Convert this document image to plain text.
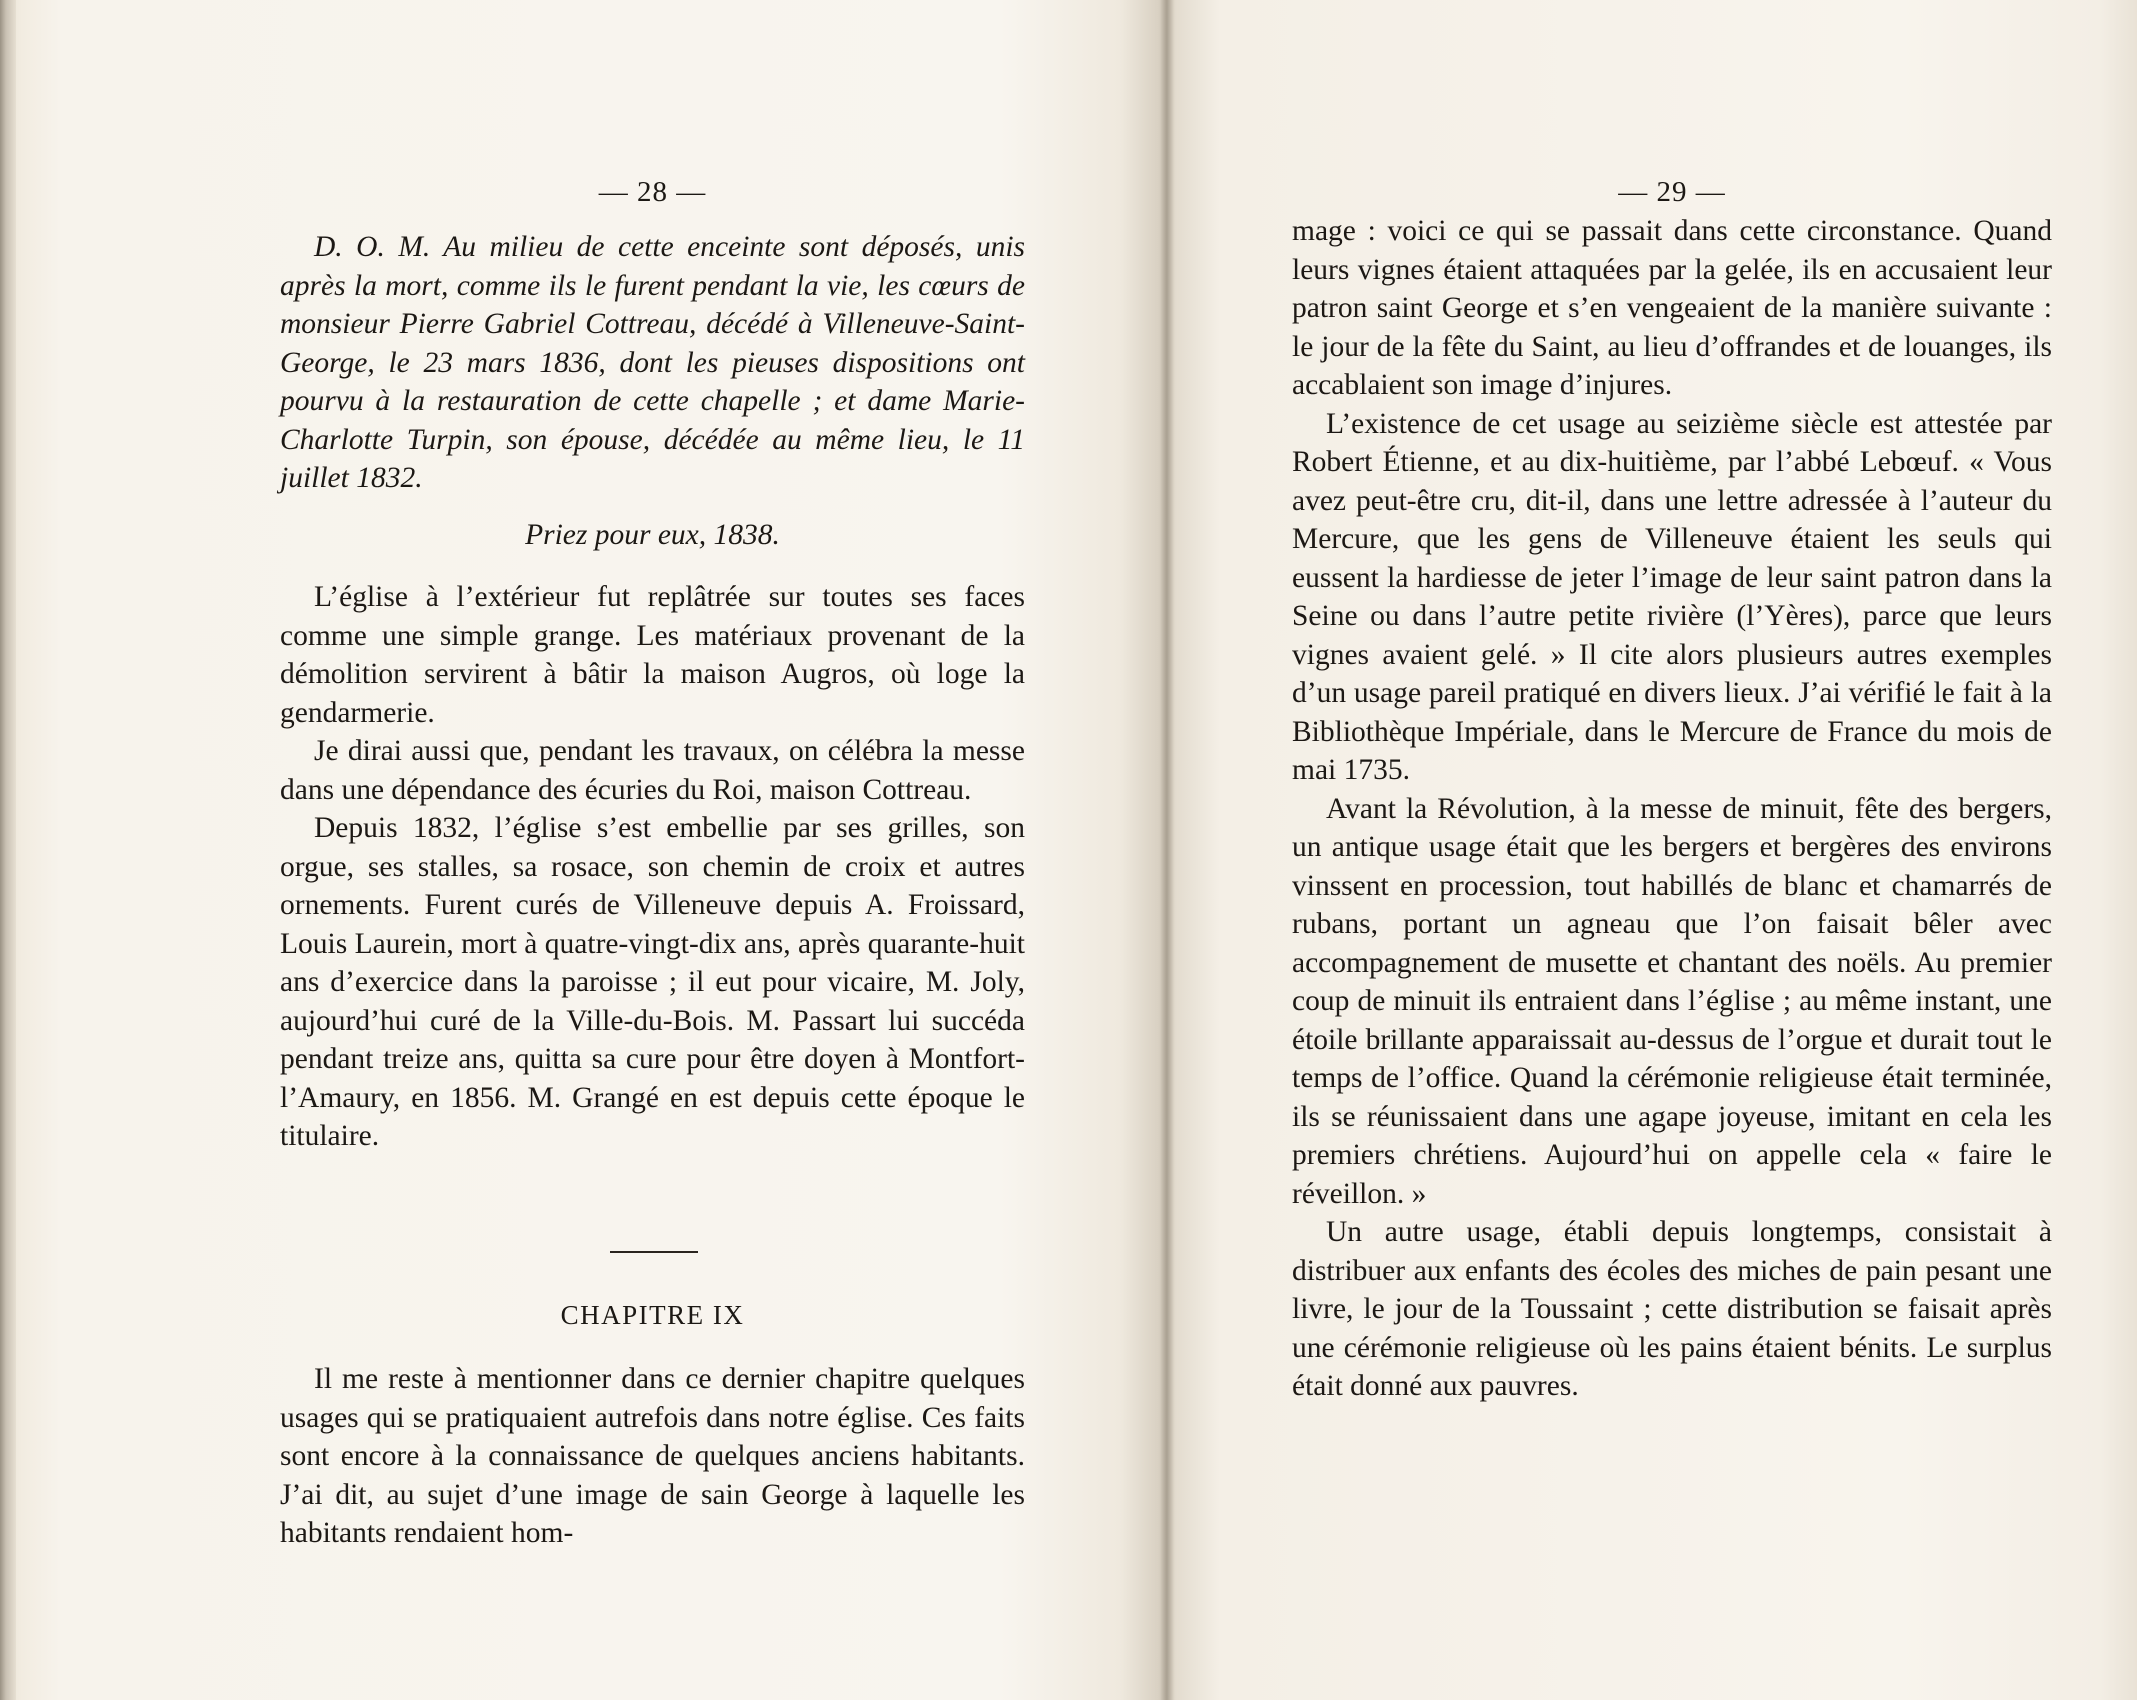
— 28 —

D. O. M. Au milieu de cette enceinte sont déposés, unis après la mort, comme ils le furent pendant la vie, les cœurs de monsieur Pierre Gabriel Cottreau, décédé à Villeneuve-Saint-George, le 23 mars 1836, dont les pieuses dispositions ont pourvu à la restauration de cette chapelle ; et dame Marie-Charlotte Turpin, son épouse, décédée au même lieu, le 11 juillet 1832.

Priez pour eux, 1838.

L’église à l’extérieur fut replâtrée sur toutes ses faces comme une simple grange. Les matériaux provenant de la démolition servirent à bâtir la maison Augros, où loge la gendarmerie.

Je dirai aussi que, pendant les travaux, on célébra la messe dans une dépendance des écuries du Roi, maison Cottreau.

Depuis 1832, l’église s’est embellie par ses grilles, son orgue, ses stalles, sa rosace, son chemin de croix et autres ornements. Furent curés de Villeneuve depuis A. Froissard, Louis Laurein, mort à quatre-vingt-dix ans, après quarante-huit ans d’exercice dans la paroisse ; il eut pour vicaire, M. Joly, aujourd’hui curé de la Ville-du-Bois. M. Passart lui succéda pendant treize ans, quitta sa cure pour être doyen à Montfort-l’Amaury, en 1856. M. Grangé en est depuis cette époque le titulaire.

CHAPITRE IX

Il me reste à mentionner dans ce dernier chapitre quelques usages qui se pratiquaient autrefois dans notre église. Ces faits sont encore à la connaissance de quelques anciens habitants. J’ai dit, au sujet d’une image de sain George à laquelle les habitants rendaient hom-

— 29 —

mage : voici ce qui se passait dans cette circonstance. Quand leurs vignes étaient attaquées par la gelée, ils en accusaient leur patron saint George et s’en vengeaient de la manière suivante : le jour de la fête du Saint, au lieu d’offrandes et de louanges, ils accablaient son image d’injures.

L’existence de cet usage au seizième siècle est attestée par Robert Étienne, et au dix-huitième, par l’abbé Lebœuf. « Vous avez peut-être cru, dit-il, dans une lettre adressée à l’auteur du Mercure, que les gens de Villeneuve étaient les seuls qui eussent la hardiesse de jeter l’image de leur saint patron dans la Seine ou dans l’autre petite rivière (l’Yères), parce que leurs vignes avaient gelé. » Il cite alors plusieurs autres exemples d’un usage pareil pratiqué en divers lieux. J’ai vérifié le fait à la Bibliothèque Impériale, dans le Mercure de France du mois de mai 1735.

Avant la Révolution, à la messe de minuit, fête des bergers, un antique usage était que les bergers et bergères des environs vinssent en procession, tout habillés de blanc et chamarrés de rubans, portant un agneau que l’on faisait bêler avec accompagnement de musette et chantant des noëls. Au premier coup de minuit ils entraient dans l’église ; au même instant, une étoile brillante apparaissait au-dessus de l’orgue et durait tout le temps de l’office. Quand la cérémonie religieuse était terminée, ils se réunissaient dans une agape joyeuse, imitant en cela les premiers chrétiens. Aujourd’hui on appelle cela « faire le réveillon. »

Un autre usage, établi depuis longtemps, consistait à distribuer aux enfants des écoles des miches de pain pesant une livre, le jour de la Toussaint ; cette distribution se faisait après une cérémonie religieuse où les pains étaient bénits. Le surplus était donné aux pauvres.
